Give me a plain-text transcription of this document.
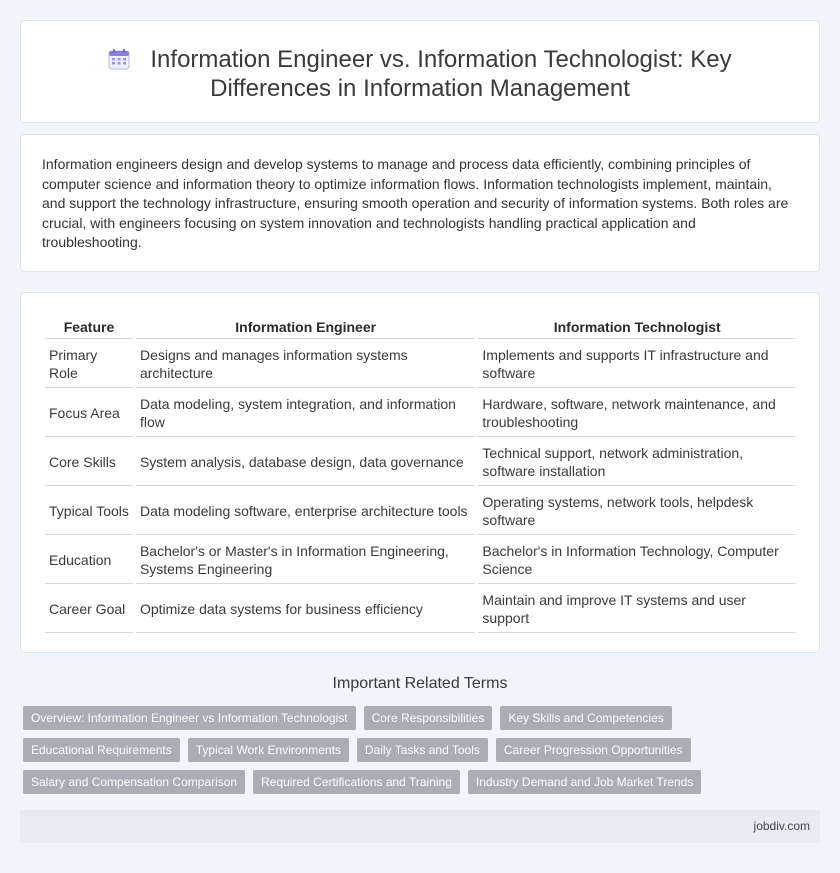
Information Engineer vs. Information Technologist: Key Differences in Information Management

Information engineers design and develop systems to manage and process data efficiently, combining principles of computer science and information theory to optimize information flows. Information technologists implement, maintain, and support the technology infrastructure, ensuring smooth operation and security of information systems. Both roles are crucial, with engineers focusing on system innovation and technologists handling practical application and troubleshooting.

Feature	Information Engineer	Information Technologist
Primary Role	Designs and manages information systems architecture	Implements and supports IT infrastructure and software
Focus Area	Data modeling, system integration, and information flow	Hardware, software, network maintenance, and troubleshooting
Core Skills	System analysis, database design, data governance	Technical support, network administration, software installation
Typical Tools	Data modeling software, enterprise architecture tools	Operating systems, network tools, helpdesk software
Education	Bachelor's or Master's in Information Engineering, Systems Engineering	Bachelor's in Information Technology, Computer Science
Career Goal	Optimize data systems for business efficiency	Maintain and improve IT systems and user support
Important Related Terms
Overview: Information Engineer vs Information Technologist	Core Responsibilities	Key Skills and Competencies
Educational Requirements	Typical Work Environments	Daily Tasks and Tools	Career Progression Opportunities
Salary and Compensation Comparison	Required Certifications and Training	Industry Demand and Job Market Trends
jobdiv.com
